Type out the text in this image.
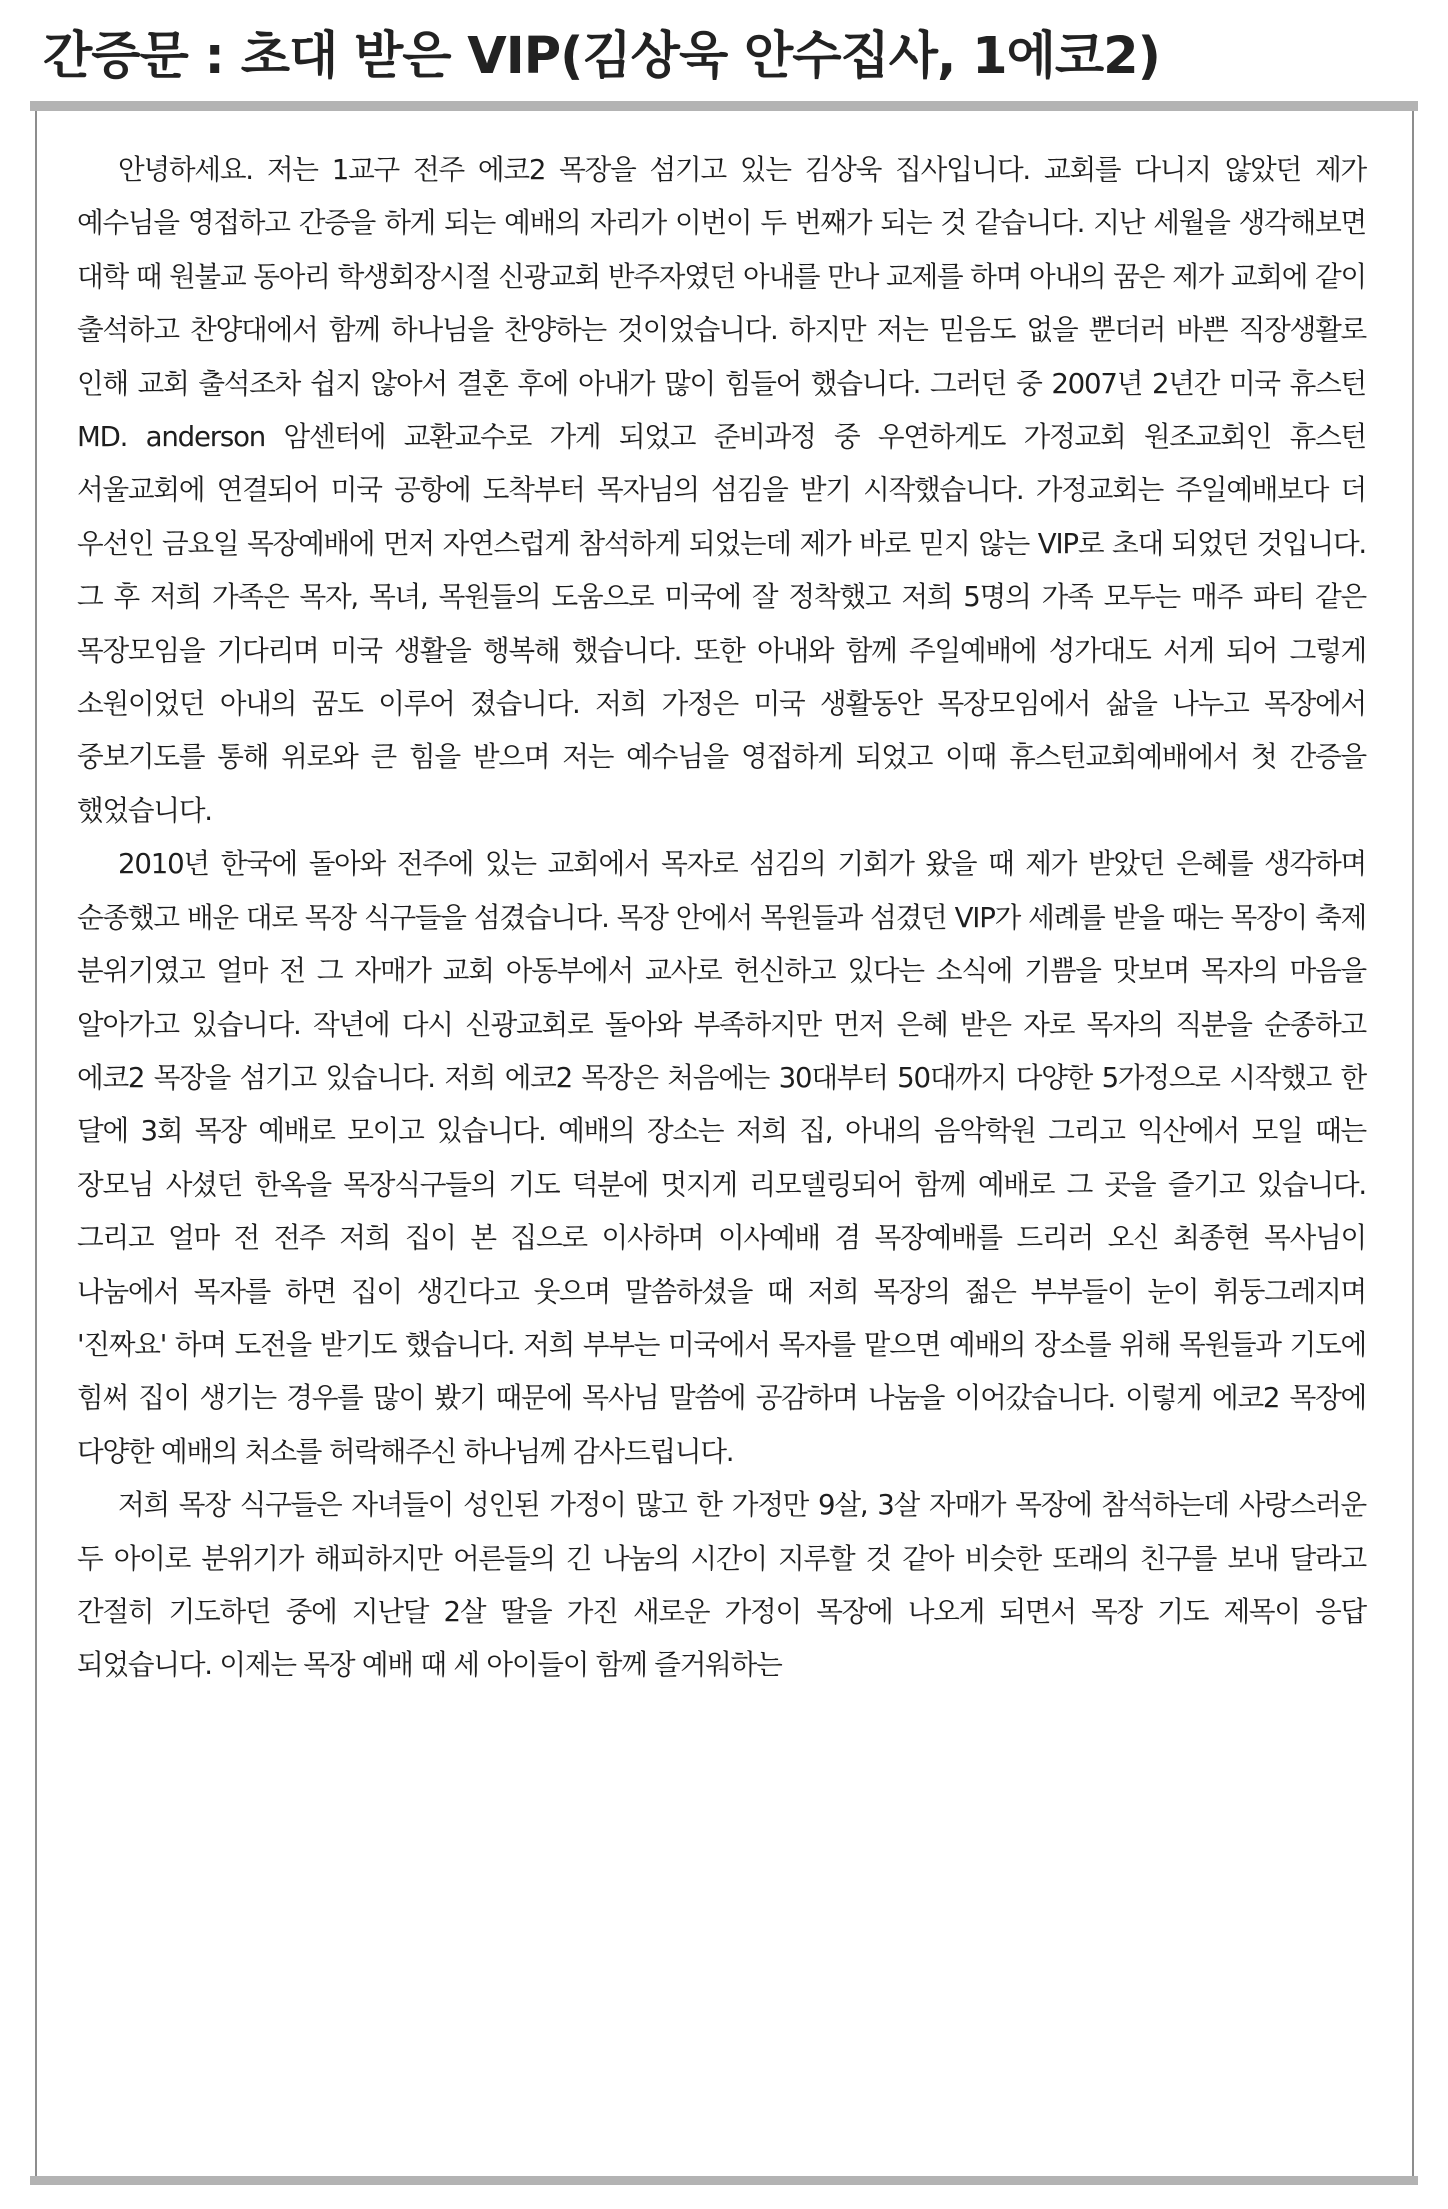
간증문 : 초대 받은 VIP(김상욱 안수집사, 1에코2)

안녕하세요. 저는 1교구 전주 에코2 목장을 섬기고 있는 김상욱 집사입니다. 교회를 다니지 않았던 제가 예수님을 영접하고 간증을 하게 되는 예배의 자리가 이번이 두 번째가 되는 것 같습니다. 지난 세월을 생각해보면 대학 때 원불교 동아리 학생회장시절 신광교회 반주자였던 아내를 만나 교제를 하며 아내의 꿈은 제가 교회에 같이 출석하고 찬양대에서 함께 하나님을 찬양하는 것이었습니다. 하지만 저는 믿음도 없을 뿐더러 바쁜 직장생활로 인해 교회 출석조차 쉽지 않아서 결혼 후에 아내가 많이 힘들어 했습니다. 그러던 중 2007년 2년간 미국 휴스턴 MD. anderson 암센터에 교환교수로 가게 되었고 준비과정 중 우연하게도 가정교회 원조교회인 휴스턴 서울교회에 연결되어 미국 공항에 도착부터 목자님의 섬김을 받기 시작했습니다. 가정교회는 주일예배보다 더 우선인 금요일 목장예배에 먼저 자연스럽게 참석하게 되었는데 제가 바로 믿지 않는 VIP로 초대 되었던 것입니다. 그 후 저희 가족은 목자, 목녀, 목원들의 도움으로 미국에 잘 정착했고 저희 5명의 가족 모두는 매주 파티 같은 목장모임을 기다리며 미국 생활을 행복해 했습니다. 또한 아내와 함께 주일예배에 성가대도 서게 되어 그렇게 소원이었던 아내의 꿈도 이루어 졌습니다. 저희 가정은 미국 생활동안 목장모임에서 삶을 나누고 목장에서 중보기도를 통해 위로와 큰 힘을 받으며 저는 예수님을 영접하게 되었고 이때 휴스턴교회예배에서 첫 간증을 했었습니다.

2010년 한국에 돌아와 전주에 있는 교회에서 목자로 섬김의 기회가 왔을 때 제가 받았던 은혜를 생각하며 순종했고 배운 대로 목장 식구들을 섬겼습니다. 목장 안에서 목원들과 섬겼던 VIP가 세례를 받을 때는 목장이 축제 분위기였고 얼마 전 그 자매가 교회 아동부에서 교사로 헌신하고 있다는 소식에 기쁨을 맛보며 목자의 마음을 알아가고 있습니다. 작년에 다시 신광교회로 돌아와 부족하지만 먼저 은혜 받은 자로 목자의 직분을 순종하고 에코2 목장을 섬기고 있습니다. 저희 에코2 목장은 처음에는 30대부터 50대까지 다양한 5가정으로 시작했고 한 달에 3회 목장 예배로 모이고 있습니다. 예배의 장소는 저희 집, 아내의 음악학원 그리고 익산에서 모일 때는 장모님 사셨던 한옥을 목장식구들의 기도 덕분에 멋지게 리모델링되어 함께 예배로 그 곳을 즐기고 있습니다. 그리고 얼마 전 전주 저희 집이 본 집으로 이사하며 이사예배 겸 목장예배를 드리러 오신 최종현 목사님이 나눔에서 목자를 하면 집이 생긴다고 웃으며 말씀하셨을 때 저희 목장의 젊은 부부들이 눈이 휘둥그레지며 '진짜요' 하며 도전을 받기도 했습니다. 저희 부부는 미국에서 목자를 맡으면 예배의 장소를 위해 목원들과 기도에 힘써 집이 생기는 경우를 많이 봤기 때문에 목사님 말씀에 공감하며 나눔을 이어갔습니다. 이렇게 에코2 목장에 다양한 예배의 처소를 허락해주신 하나님께 감사드립니다.

저희 목장 식구들은 자녀들이 성인된 가정이 많고 한 가정만 9살, 3살 자매가 목장에 참석하는데 사랑스러운 두 아이로 분위기가 해피하지만 어른들의 긴 나눔의 시간이 지루할 것 같아 비슷한 또래의 친구를 보내 달라고 간절히 기도하던 중에 지난달 2살 딸을 가진 새로운 가정이 목장에 나오게 되면서 목장 기도 제목이 응답 되었습니다. 이제는 목장 예배 때 세 아이들이 함께 즐거워하는
